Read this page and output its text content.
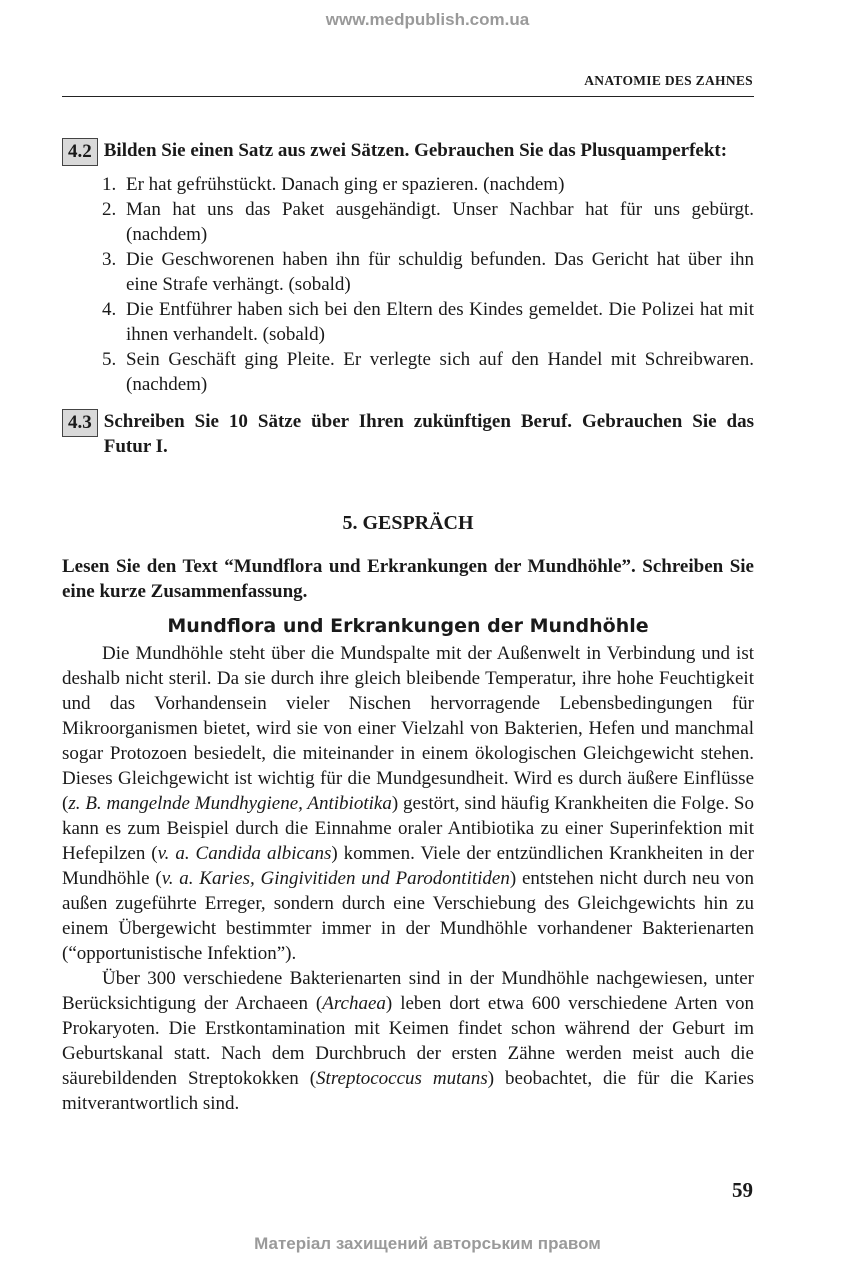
www.medpublish.com.ua
ANATOMIE DES ZAHNES
4.2 Bilden Sie einen Satz aus zwei Sätzen. Gebrauchen Sie das Plusquamperfekt:
1. Er hat gefrühstückt. Danach ging er spazieren. (nachdem)
2. Man hat uns das Paket ausgehändigt. Unser Nachbar hat für uns gebürgt. (nachdem)
3. Die Geschworenen haben ihn für schuldig befunden. Das Gericht hat über ihn eine Strafe verhängt. (sobald)
4. Die Entführer haben sich bei den Eltern des Kindes gemeldet. Die Polizei hat mit ihnen verhandelt. (sobald)
5. Sein Geschäft ging Pleite. Er verlegte sich auf den Handel mit Schreibwaren. (nachdem)
4.3 Schreiben Sie 10 Sätze über Ihren zukünftigen Beruf. Gebrauchen Sie das Futur I.
5. GESPRÄCH
Lesen Sie den Text “Mundflora und Erkrankungen der Mundhöhle”. Schreiben Sie eine kurze Zusammenfassung.
Mundflora und Erkrankungen der Mundhöhle

Die Mundhöhle steht über die Mundspalte mit der Außenwelt in Verbindung und ist deshalb nicht steril. Da sie durch ihre gleich bleibende Temperatur, ihre hohe Feuchtigkeit und das Vorhandensein vieler Nischen hervorragende Lebensbedingungen für Mikroorganismen bietet, wird sie von einer Vielzahl von Bakterien, Hefen und manchmal sogar Protozoen besiedelt, die miteinander in einem ökologischen Gleichgewicht stehen. Dieses Gleichgewicht ist wichtig für die Mundgesundheit. Wird es durch äußere Einflüsse (z. B. mangelnde Mundhygiene, Antibiotika) gestört, sind häufig Krankheiten die Folge. So kann es zum Beispiel durch die Einnahme oraler Antibiotika zu einer Superinfektion mit Hefepilzen (v. a. Candida albicans) kommen. Viele der entzündlichen Krankheiten in der Mundhöhle (v. a. Karies, Gingivitiden und Parodontitiden) entstehen nicht durch neu von außen zugeführte Erreger, sondern durch eine Verschiebung des Gleichgewichts hin zu einem Übergewicht bestimmter immer in der Mundhöhle vorhandener Bakterienarten (“opportunistische Infektion”).

Über 300 verschiedene Bakterienarten sind in der Mundhöhle nachgewiesen, unter Berücksichtigung der Archaeen (Archaea) leben dort etwa 600 verschiedene Arten von Prokaryoten. Die Erstkontamination mit Keimen findet schon während der Geburt im Geburtskanal statt. Nach dem Durchbruch der ersten Zähne werden meist auch die säurebildenden Streptokokken (Streptococcus mutans) beobachtet, die für die Karies mitverantwortlich sind.

59
Матеріал захищений авторським правом
